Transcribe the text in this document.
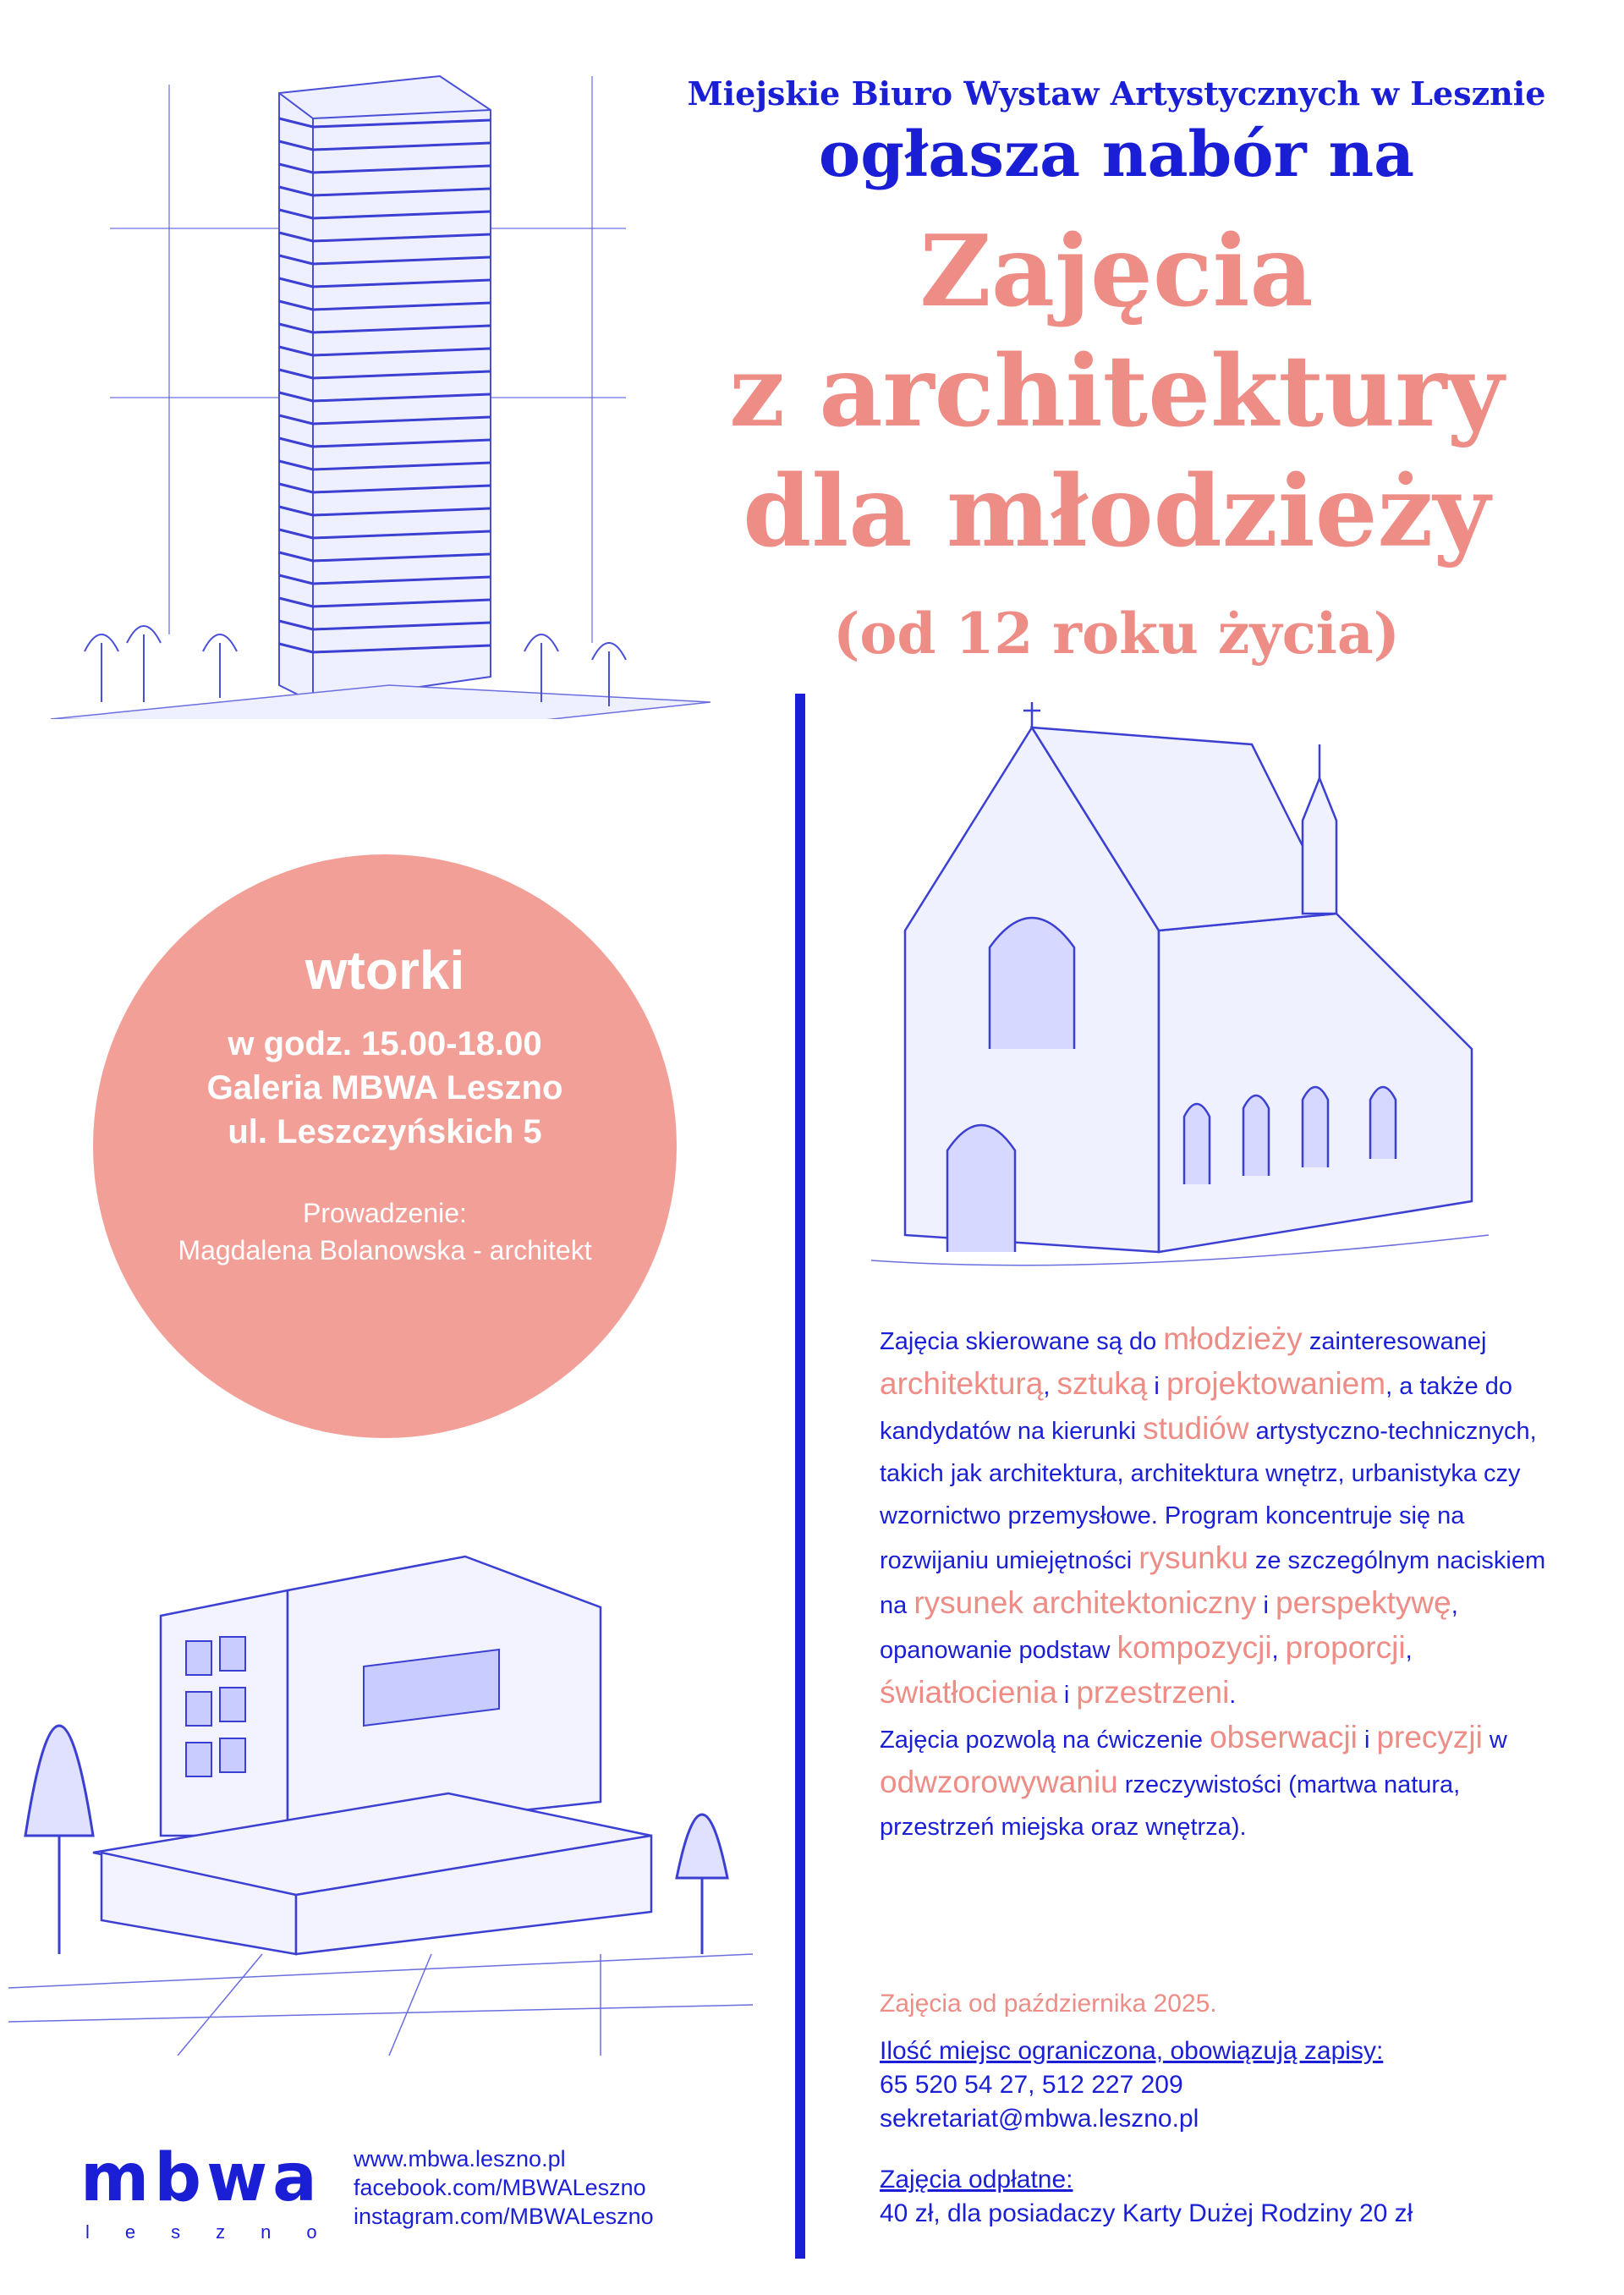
Miejskie Biuro Wystaw Artystycznych w Lesznie
ogłasza nabór na
Zajęcia
z architektury
dla młodzieży
(od 12 roku życia)
wtorki
w godz. 15.00-18.00
Galeria MBWA Leszno
ul. Leszczyńskich 5
Prowadzenie:
Magdalena Bolanowska - architekt

Zajęcia skierowane są do młodzieży zainteresowanej architekturą, sztuką i projektowaniem, a także do kandydatów na kierunki studiów artystyczno-technicznych, takich jak architektura, architektura wnętrz, urbanistyka czy wzornictwo przemysłowe. Program koncentruje się na rozwijaniu umiejętności rysunku ze szczególnym naciskiem na rysunek architektoniczny i perspektywę, opanowanie podstaw kompozycji, proporcji, światłocienia i przestrzeni.

Zajęcia pozwolą na ćwiczenie obserwacji i precyzji w odwzorowywaniu rzeczywistości (martwa natura, przestrzeń miejska oraz wnętrza).

Zajęcia od października 2025.
Ilość miejsc ograniczona, obowiązują zapisy:
65 520 54 27, 512 227 209
sekretariat@mbwa.leszno.pl
Zajęcia odpłatne:
40 zł, dla posiadaczy Karty Dużej Rodziny 20 zł
mbwa
leszno
www.mbwa.leszno.pl
facebook.com/MBWALeszno
instagram.com/MBWALeszno
